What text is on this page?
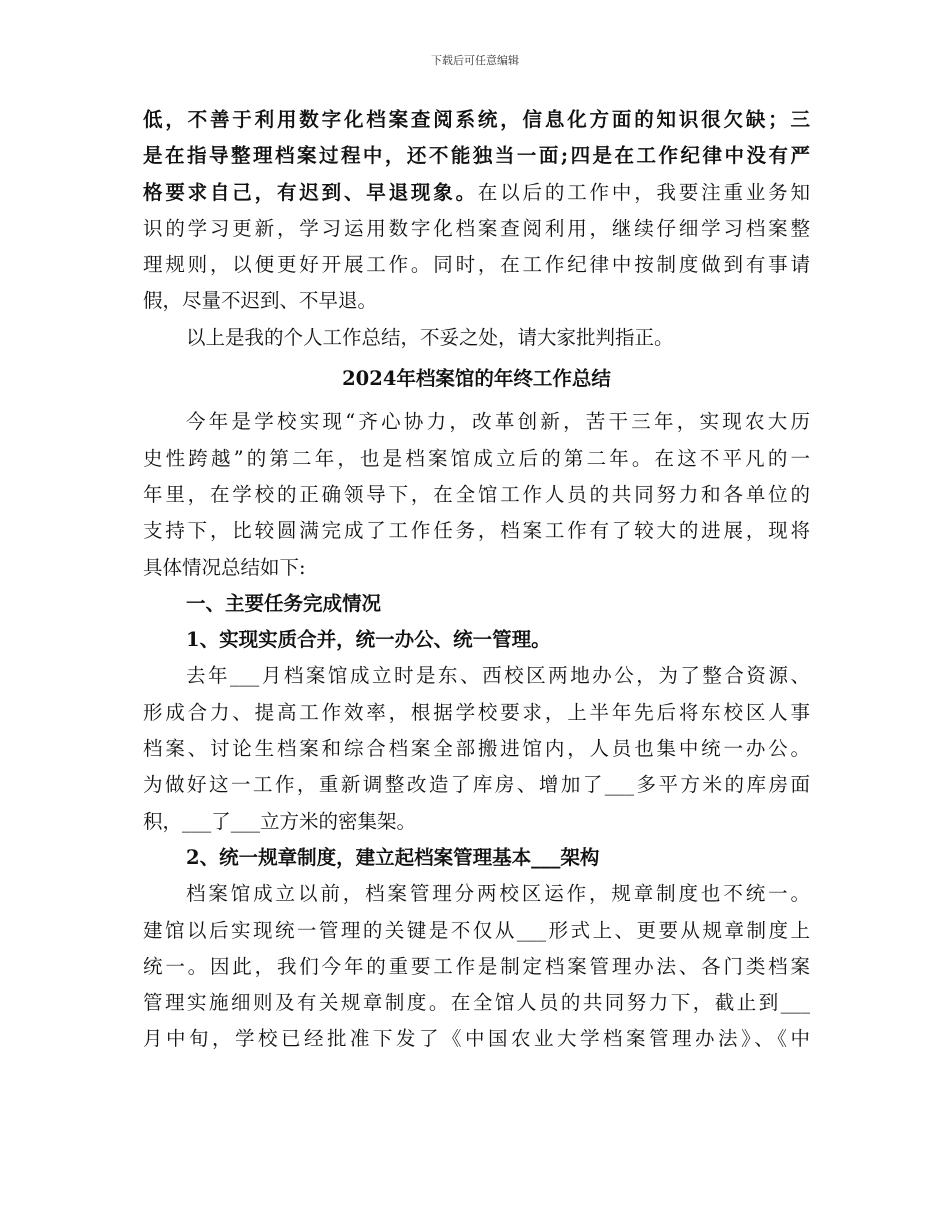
下载后可任意编辑

低，不善于利用数字化档案查阅系统，信息化方面的知识很欠缺；三

是在指导整理档案过程中，还不能独当一面;四是在工作纪律中没有严

格要求自己，有迟到、早退现象。在以后的工作中，我要注重业务知

识的学习更新，学习运用数字化档案查阅利用，继续仔细学习档案整

理规则，以便更好开展工作。同时，在工作纪律中按制度做到有事请

假，尽量不迟到、不早退。

以上是我的个人工作总结，不妥之处，请大家批判指正。

2024年档案馆的年终工作总结

今年是学校实现“齐心协力，改革创新，苦干三年，实现农大历

史性跨越”的第二年，也是档案馆成立后的第二年。在这不平凡的一

年里，在学校的正确领导下，在全馆工作人员的共同努力和各单位的

支持下，比较圆满完成了工作任务，档案工作有了较大的进展，现将

具体情况总结如下:

一、主要任务完成情况

1、实现实质合并，统一办公、统一管理。

去年___月档案馆成立时是东、西校区两地办公，为了整合资源、

形成合力、提高工作效率，根据学校要求，上半年先后将东校区人事

档案、讨论生档案和综合档案全部搬进馆内，人员也集中统一办公。

为做好这一工作，重新调整改造了库房、增加了___多平方米的库房面

积，___了___立方米的密集架。

2、统一规章制度，建立起档案管理基本___架构

档案馆成立以前，档案管理分两校区运作，规章制度也不统一。

建馆以后实现统一管理的关键是不仅从___形式上、更要从规章制度上

统一。因此，我们今年的重要工作是制定档案管理办法、各门类档案

管理实施细则及有关规章制度。在全馆人员的共同努力下，截止到___

月中旬，学校已经批准下发了《中国农业大学档案管理办法》、《中
